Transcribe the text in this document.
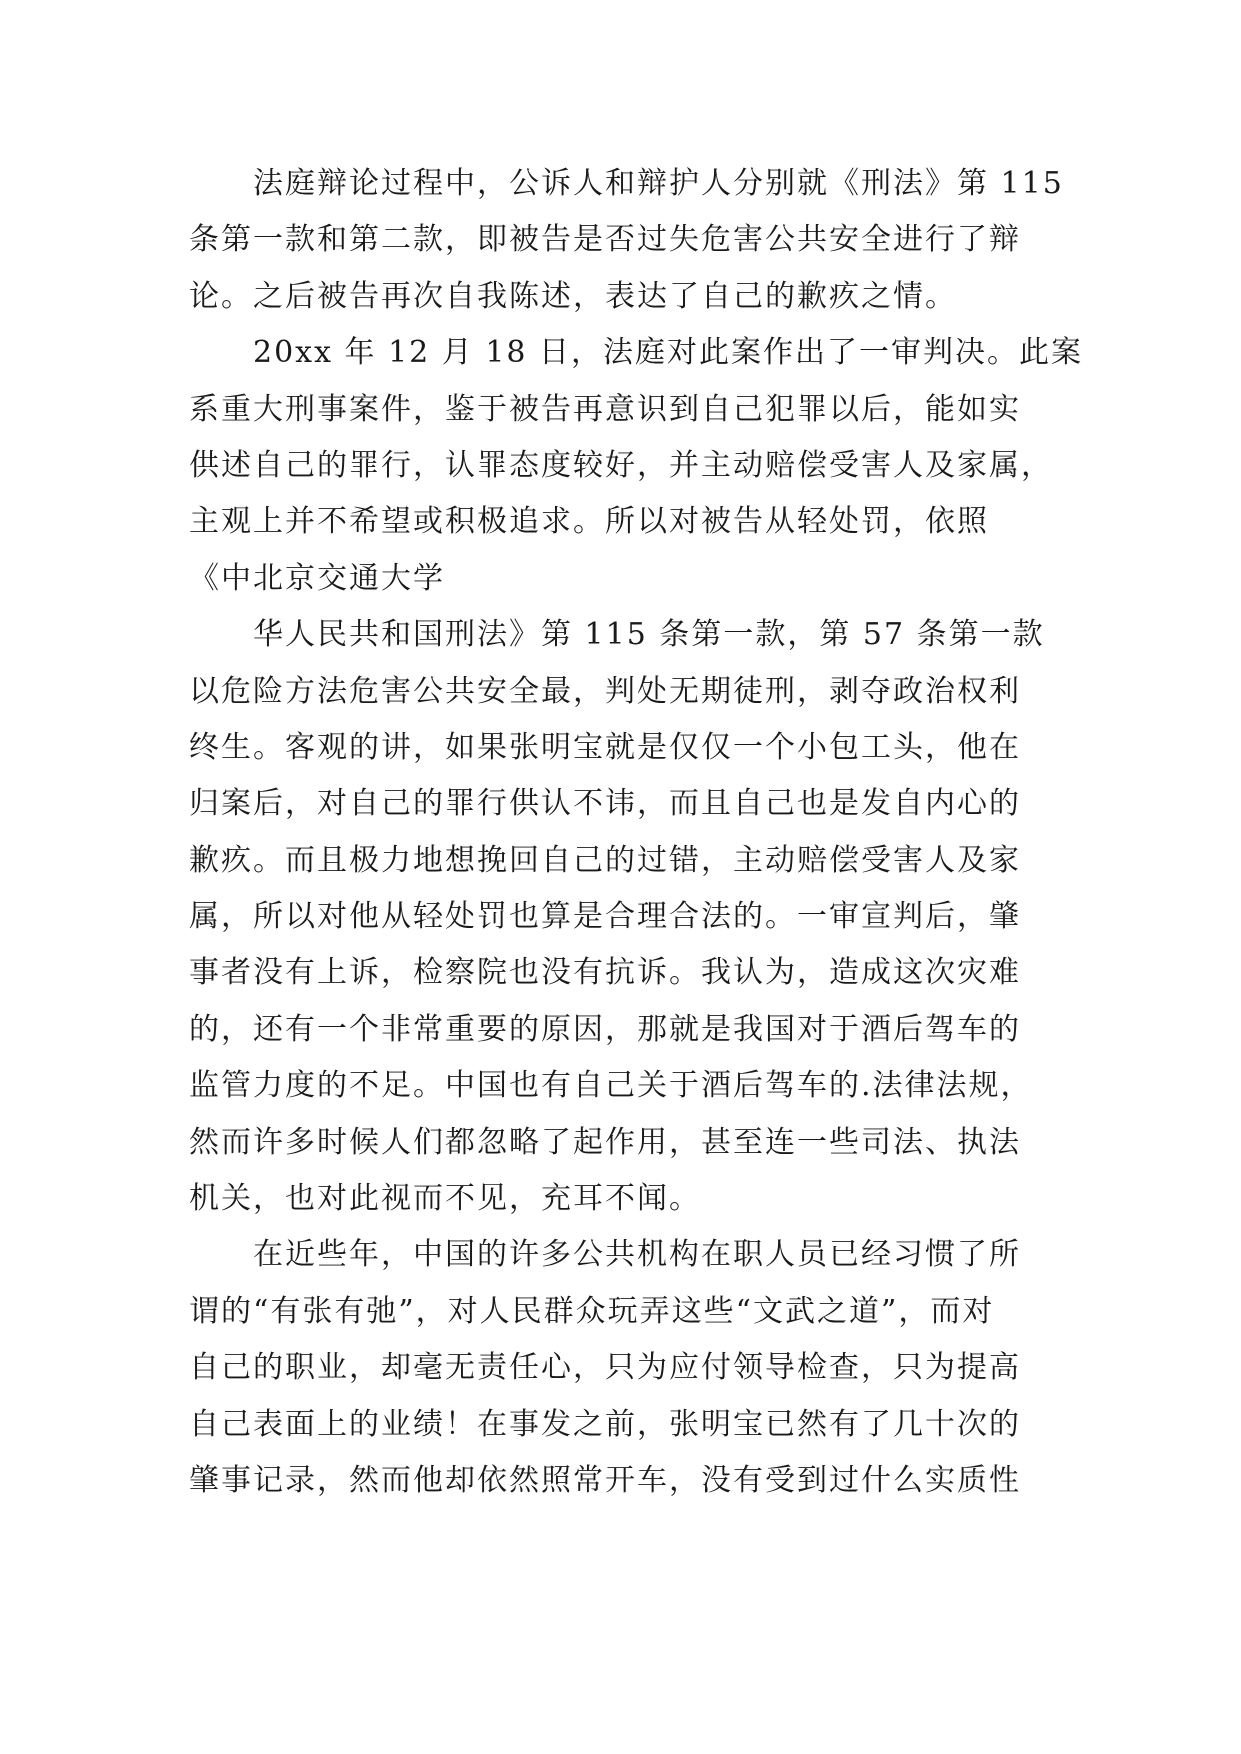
法庭辩论过程中，公诉人和辩护人分别就《刑法》第 115
条第一款和第二款，即被告是否过失危害公共安全进行了辩
论。之后被告再次自我陈述，表达了自己的歉疚之情。
20xx 年 12 月 18 日，法庭对此案作出了一审判决。此案
系重大刑事案件，鉴于被告再意识到自己犯罪以后，能如实
供述自己的罪行，认罪态度较好，并主动赔偿受害人及家属，
主观上并不希望或积极追求。所以对被告从轻处罚，依照
《中北京交通大学
华人民共和国刑法》第 115 条第一款，第 57 条第一款
以危险方法危害公共安全最，判处无期徒刑，剥夺政治权利
终生。客观的讲，如果张明宝就是仅仅一个小包工头，他在
归案后，对自己的罪行供认不讳，而且自己也是发自内心的
歉疚。而且极力地想挽回自己的过错，主动赔偿受害人及家
属，所以对他从轻处罚也算是合理合法的。一审宣判后，肇
事者没有上诉，检察院也没有抗诉。我认为，造成这次灾难
的，还有一个非常重要的原因，那就是我国对于酒后驾车的
监管力度的不足。中国也有自己关于酒后驾车的.法律法规，
然而许多时候人们都忽略了起作用，甚至连一些司法、执法
机关，也对此视而不见，充耳不闻。
在近些年，中国的许多公共机构在职人员已经习惯了所
谓的“有张有弛”，对人民群众玩弄这些“文武之道”，而对
自己的职业，却毫无责任心，只为应付领导检查，只为提高
自己表面上的业绩！在事发之前，张明宝已然有了几十次的
肇事记录，然而他却依然照常开车，没有受到过什么实质性
